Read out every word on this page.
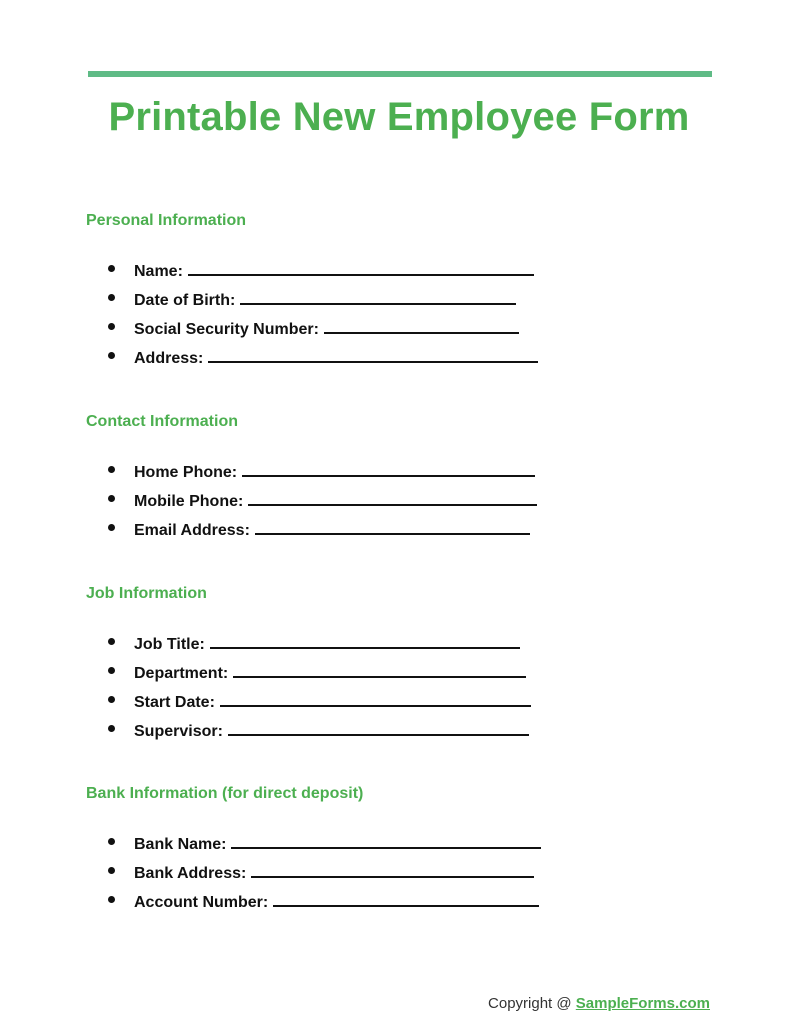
Printable New Employee Form
Personal Information
Name:
Date of Birth:
Social Security Number:
Address:
Contact Information
Home Phone:
Mobile Phone:
Email Address:
Job Information
Job Title:
Department:
Start Date:
Supervisor:
Bank Information (for direct deposit)
Bank Name:
Bank Address:
Account Number:
Copyright @ SampleForms.com
